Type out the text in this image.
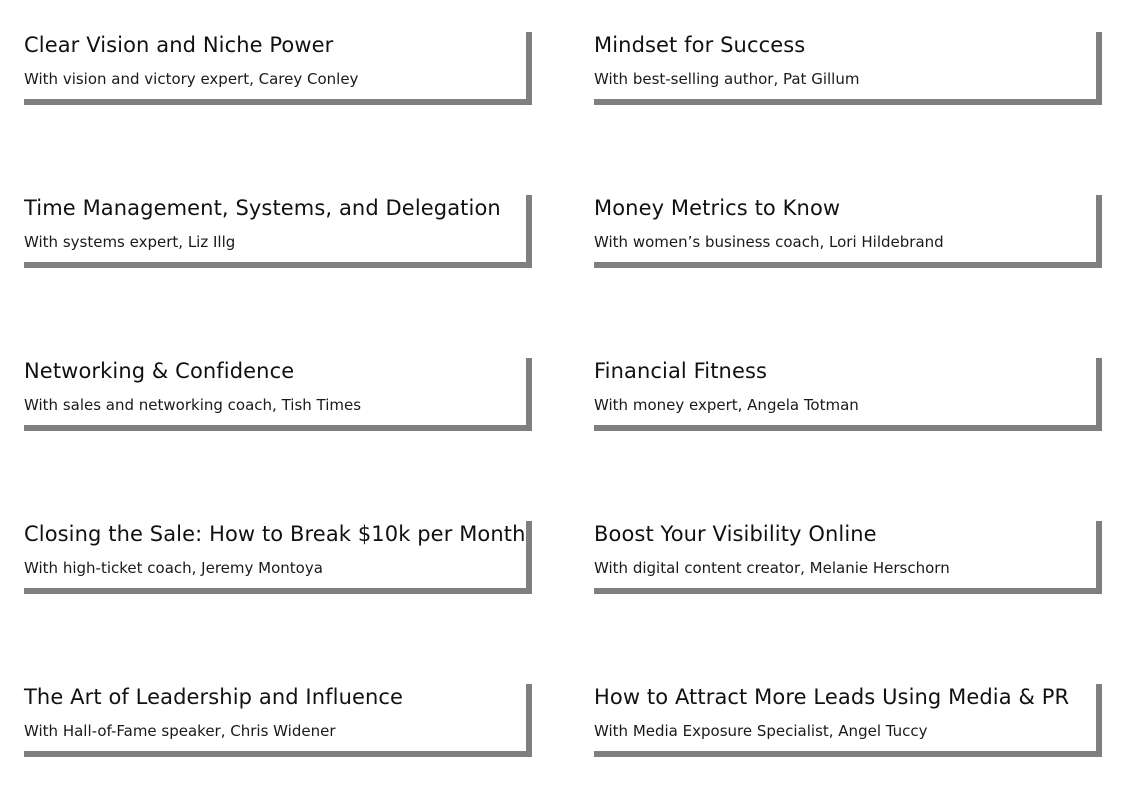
Clear Vision and Niche Power
With vision and victory expert, Carey Conley
Mindset for Success
With best-selling author, Pat Gillum
Time Management, Systems, and Delegation
With systems expert, Liz Illg
Money Metrics to Know
With women’s business coach, Lori Hildebrand
Networking & Confidence
With sales and networking coach, Tish Times
Financial Fitness
With money expert, Angela Totman
Closing the Sale: How to Break $10k per Month
With high-ticket coach, Jeremy Montoya
Boost Your Visibility Online
With digital content creator, Melanie Herschorn
The Art of Leadership and Influence
With Hall-of-Fame speaker, Chris Widener
How to Attract More Leads Using Media & PR
With Media Exposure Specialist, Angel Tuccy
